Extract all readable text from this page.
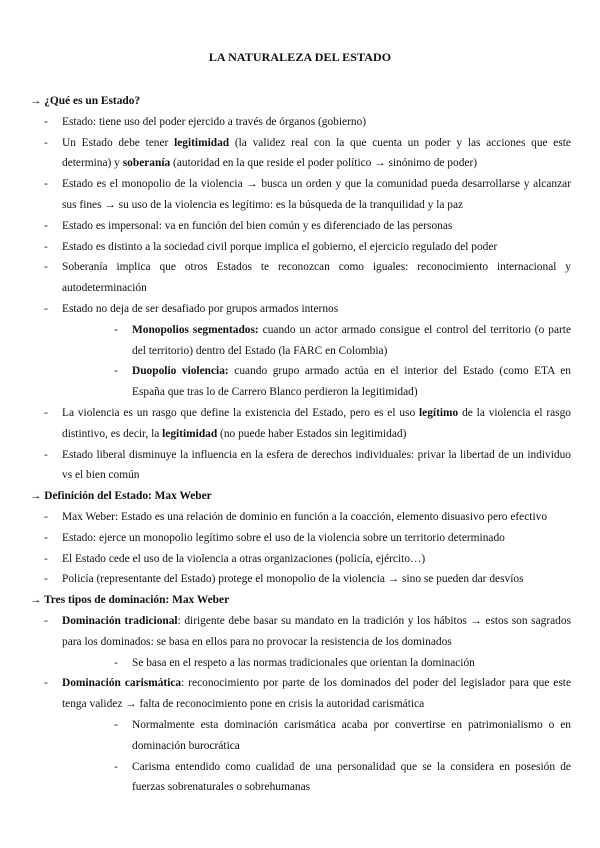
LA NATURALEZA DEL ESTADO

→ ¿Qué es un Estado?

- Estado: tiene uso del poder ejercido a través de órganos (gobierno)
- Un Estado debe tener legitimidad (la validez real con la que cuenta un poder y las acciones que este determina) y soberanía (autoridad en la que reside el poder político → sinónimo de poder)
- Estado es el monopolio de la violencia → busca un orden y que la comunidad pueda desarrollarse y alcanzar sus fines → su uso de la violencia es legítimo: es la búsqueda de la tranquilidad y la paz
- Estado es impersonal: va en función del bien común y es diferenciado de las personas
- Estado es distinto a la sociedad civil porque implica el gobierno, el ejercicio regulado del poder
- Soberanía implica que otros Estados te reconozcan como iguales: reconocimiento internacional y autodeterminación
- Estado no deja de ser desafiado por grupos armados internos
- Monopolios segmentados: cuando un actor armado consigue el control del territorio (o parte del territorio) dentro del Estado (la FARC en Colombia)
- Duopolio violencia: cuando grupo armado actúa en el interior del Estado (como ETA en España que tras lo de Carrero Blanco perdieron la legitimidad)
- La violencia es un rasgo que define la existencia del Estado, pero es el uso legítimo de la violencia el rasgo distintivo, es decir, la legitimidad (no puede haber Estados sin legitimidad)
- Estado liberal disminuye la influencia en la esfera de derechos individuales: privar la libertad de un individuo vs el bien común

→ Definición del Estado: Max Weber

- Max Weber: Estado es una relación de dominio en función a la coacción, elemento disuasivo pero efectivo
- Estado: ejerce un monopolio legítimo sobre el uso de la violencia sobre un territorio determinado
- El Estado cede el uso de la violencia a otras organizaciones (policía, ejército…)
- Policía (representante del Estado) protege el monopolio de la violencia → sino se pueden dar desvíos

→ Tres tipos de dominación: Max Weber

- Dominación tradicional: dirigente debe basar su mandato en la tradición y los hábitos → estos son sagrados para los dominados: se basa en ellos para no provocar la resistencia de los dominados
- Se basa en el respeto a las normas tradicionales que orientan la dominación
- Dominación carismática: reconocimiento por parte de los dominados del poder del legislador para que este tenga validez → falta de reconocimiento pone en crisis la autoridad carismática
- Normalmente esta dominación carismática acaba por convertirse en patrimonialismo o en dominación burocrática
- Carisma entendido como cualidad de una personalidad que se la considera en posesión de fuerzas sobrenaturales o sobrehumanas
